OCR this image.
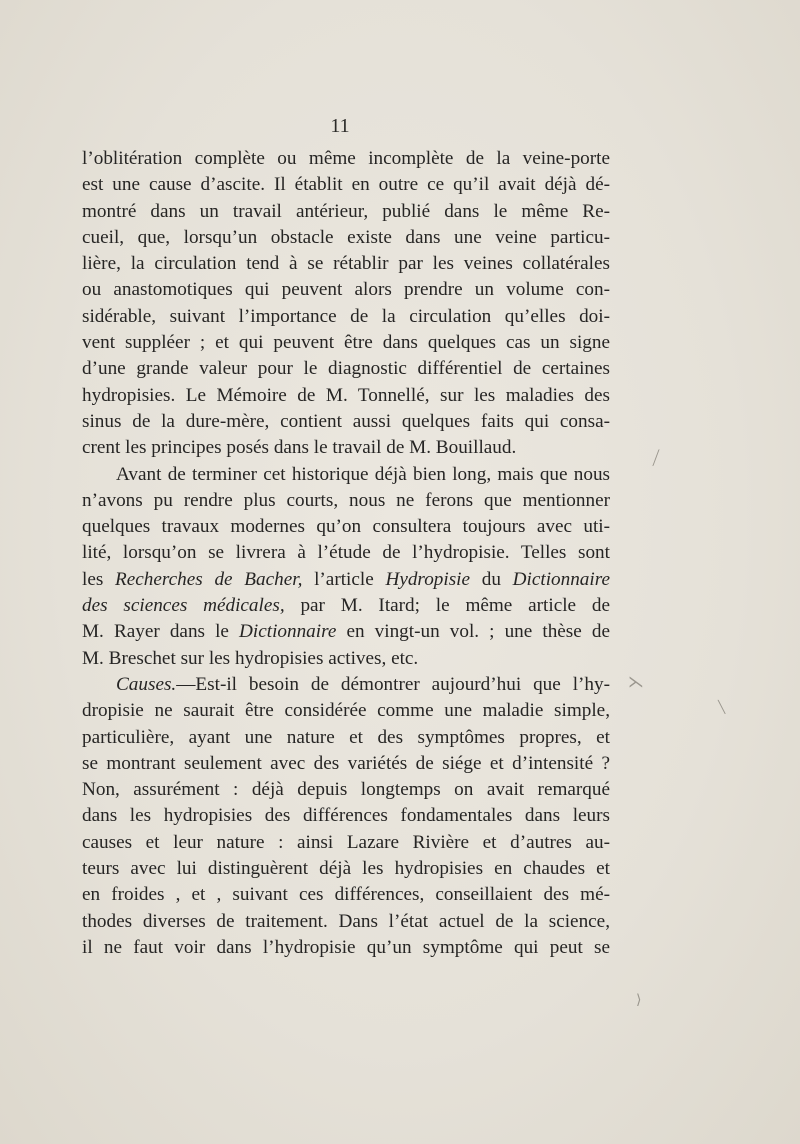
11
l’oblitération complète ou même incomplète de la veine-porte
est une cause d’ascite. Il établit en outre ce qu’il avait déjà dé-
montré dans un travail antérieur, publié dans le même Re-
cueil, que, lorsqu’un obstacle existe dans une veine particu-
lière, la circulation tend à se rétablir par les veines collatérales
ou anastomotiques qui peuvent alors prendre un volume con-
sidérable, suivant l’importance de la circulation qu’elles doi-
vent suppléer ; et qui peuvent être dans quelques cas un signe
d’une grande valeur pour le diagnostic différentiel de certaines
hydropisies. Le Mémoire de M. Tonnellé, sur les maladies des
sinus de la dure-mère, contient aussi quelques faits qui consa-
crent les principes posés dans le travail de M. Bouillaud.
Avant de terminer cet historique déjà bien long, mais que nous
n’avons pu rendre plus courts, nous ne ferons que mentionner
quelques travaux modernes qu’on consultera toujours avec uti-
lité, lorsqu’on se livrera à l’étude de l’hydropisie. Telles sont
les Recherches de Bacher, l’article Hydropisie du Dictionnaire
des sciences médicales, par M. Itard; le même article de
M. Rayer dans le Dictionnaire en vingt-un vol. ; une thèse de
M. Breschet sur les hydropisies actives, etc.
Causes.—Est-il besoin de démontrer aujourd’hui que l’hy-
dropisie ne saurait être considérée comme une maladie simple,
particulière, ayant une nature et des symptômes propres, et
se montrant seulement avec des variétés de siége et d’intensité ?
Non, assurément : déjà depuis longtemps on avait remarqué
dans les hydropisies des différences fondamentales dans leurs
causes et leur nature : ainsi Lazare Rivière et d’autres au-
teurs avec lui distinguèrent déjà les hydropisies en chaudes et
en froides , et , suivant ces différences, conseillaient des mé-
thodes diverses de traitement. Dans l’état actuel de la science,
il ne faut voir dans l’hydropisie qu’un symptôme qui peut se
⟋
⋋
╲
⟩
